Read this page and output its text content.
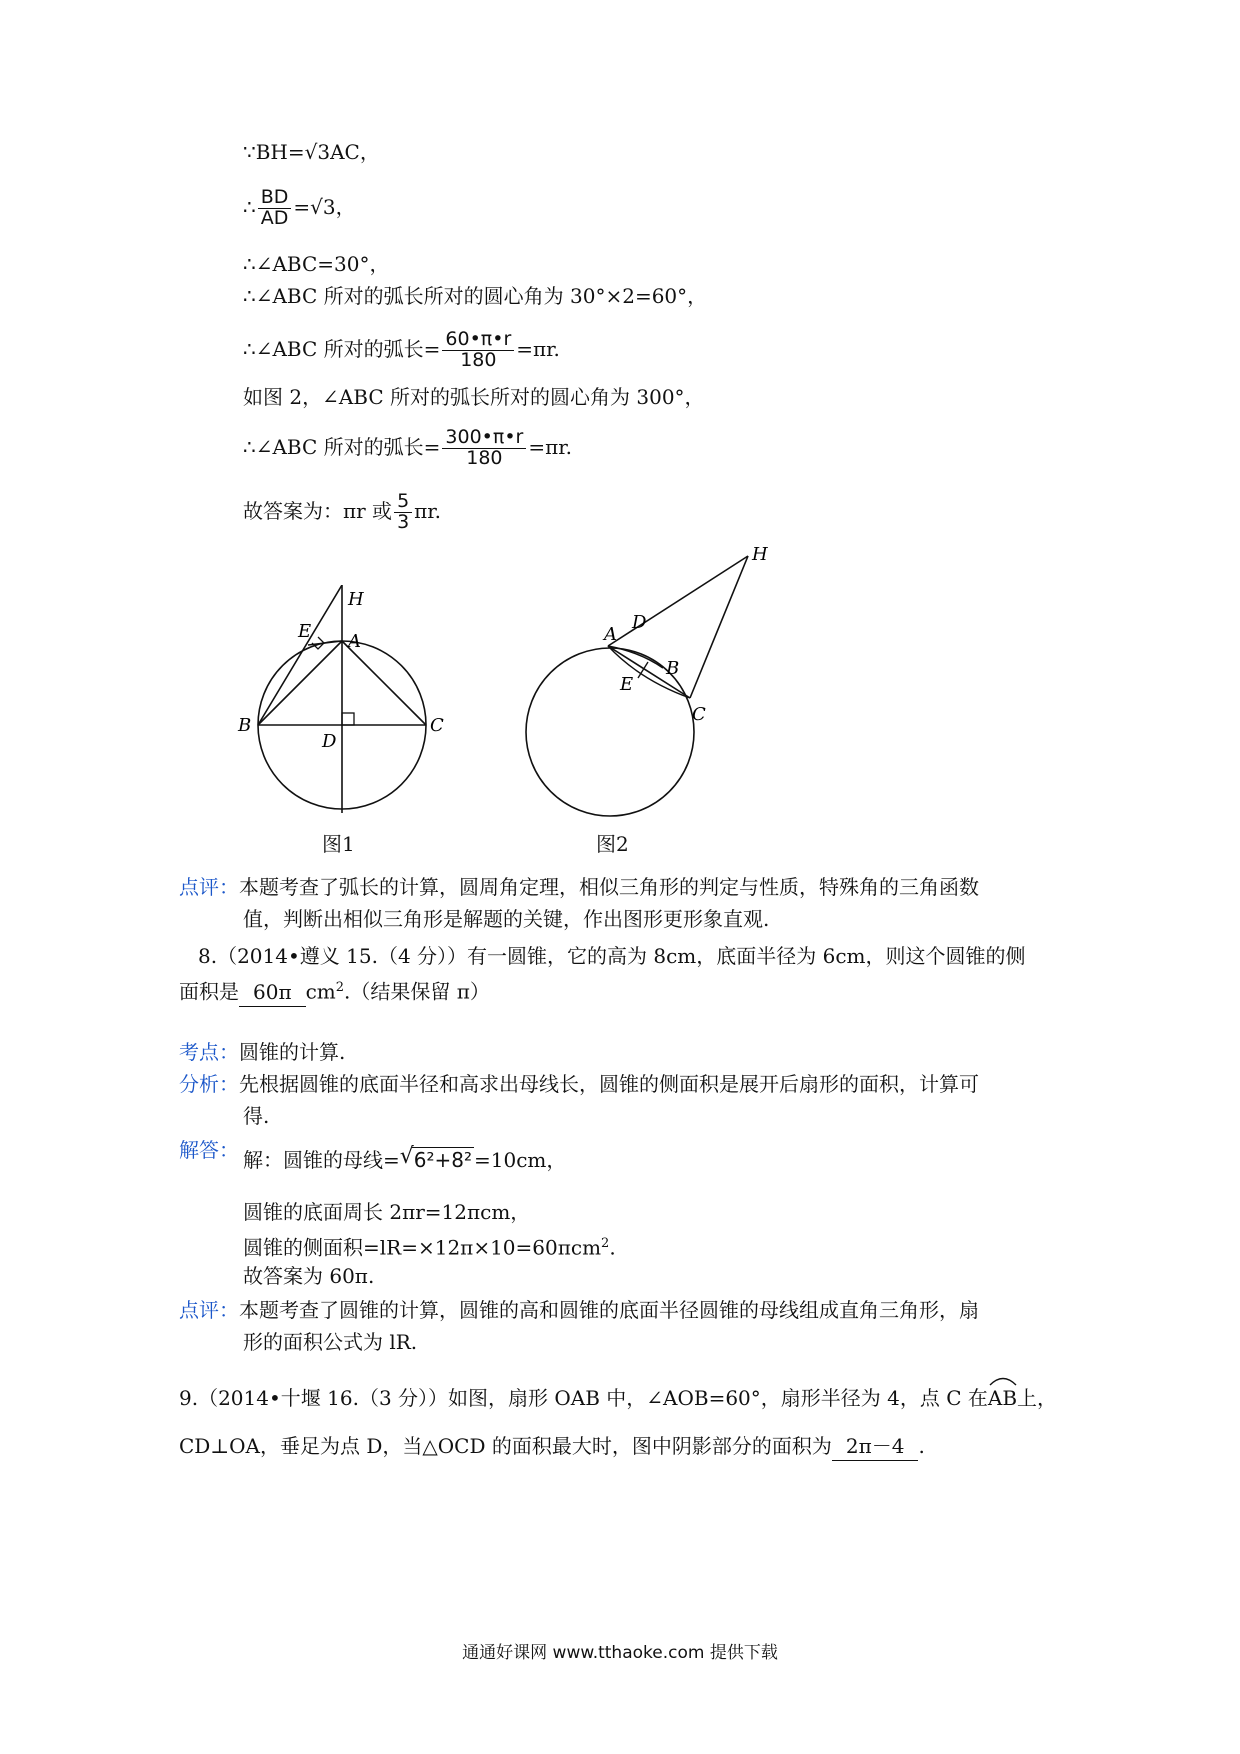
∵BH=√3AC，
∴ $\frac{BD}{AD} =√3$，
∴∠ABC=30°，
∴∠ABC 所对的弧长所对的圆心角为 30°×2=60°，
∴∠ABC 所对的弧长= $\frac{60•\pi•r}{180} =\pi r$.
如图 2，∠ABC 所对的弧长所对的圆心角为 300°，
∴∠ABC 所对的弧长= $\frac{300•\pi•r}{180} =\pi r$.
故答案为：πr 或 $\frac{5}{3} \pi r$.
H
E A
B	C
D
图1
H
D
A
E
B
C
图2
点评：本题考查了弧长的计算，圆周角定理，相似三角形的判定与性质，特殊角的三角函数
值，判断出相似三角形是解题的关键，作出图形更形象直观.
8.（2014•遵义 15.（4 分））有一圆锥，它的高为 8cm，底面半径为 6cm，则这个圆锥的侧
面积是 60π $cm^2$.（结果保留 π）
考点：圆锥的计算.
分析：先根据圆锥的底面半径和高求出母线长，圆锥的侧面积是展开后扇形的面积，计算可
得.
解答： 解：圆锥的母线= √ 6²+8² =10cm，
圆锥的底面周长 2πr=12πcm，
圆锥的侧面积=lR=×12π×10=60πcm$^2$.
故答案为 60π.
点评：本题考查了圆锥的计算，圆锥的高和圆锥的底面半径圆锥的母线组成直角三角形，扇
形的面积公式为 lR.
9.（2014•十堰 16.（3 分））如图，扇形 OAB 中，∠AOB=60°，扇形半径为 4，点 C 在
AB上，
CD⊥OA，垂足为点 D，当△OCD 的面积最大时，图中阴影部分的面积为 2π－4 .
通通好课网 www.tthaoke.com 提供下载
